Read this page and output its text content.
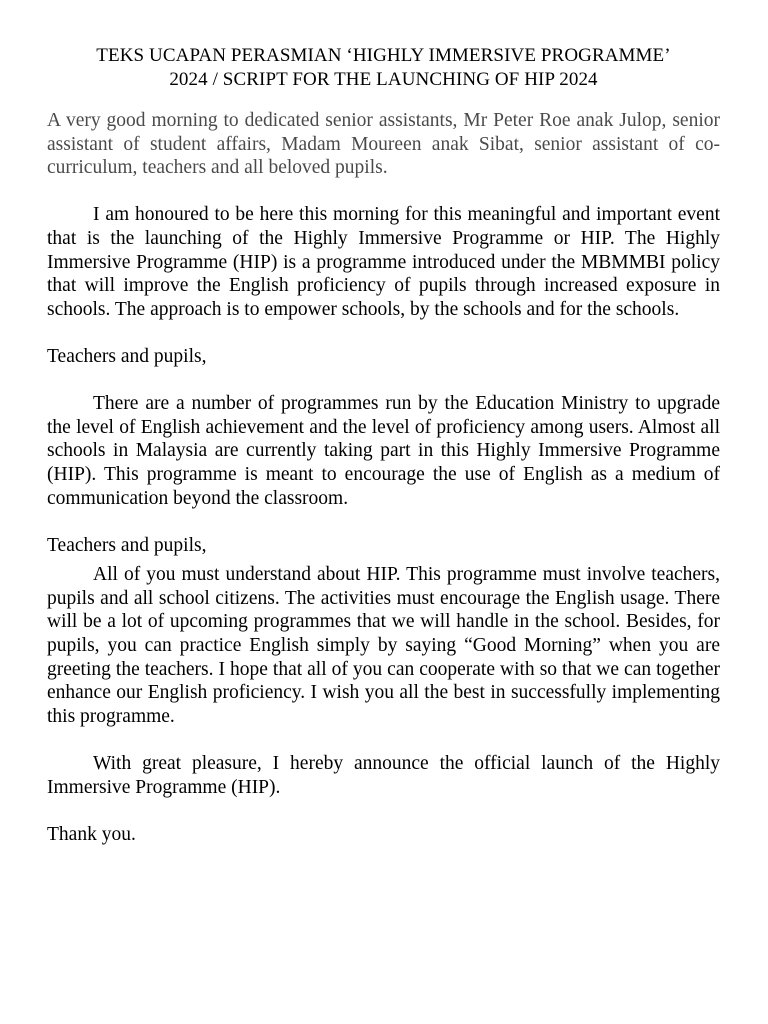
TEKS UCAPAN PERASMIAN ‘HIGHLY IMMERSIVE PROGRAMME’
2024 / SCRIPT FOR THE LAUNCHING OF HIP 2024

A very good morning to dedicated senior assistants, Mr Peter Roe anak Julop, senior assistant of student affairs, Madam Moureen anak Sibat, senior assistant of co-curriculum, teachers and all beloved pupils.

I am honoured to be here this morning for this meaningful and important event that is the launching of the Highly Immersive Programme or HIP. The Highly Immersive Programme (HIP) is a programme introduced under the MBMMBI policy that will improve the English proficiency of pupils through increased exposure in schools. The approach is to empower schools, by the schools and for the schools.

Teachers and pupils,

There are a number of programmes run by the Education Ministry to upgrade the level of English achievement and the level of proficiency among users. Almost all schools in Malaysia are currently taking part in this Highly Immersive Programme (HIP). This programme is meant to encourage the use of English as a medium of communication beyond the classroom.

Teachers and pupils,

All of you must understand about HIP. This programme must involve teachers, pupils and all school citizens. The activities must encourage the English usage. There will be a lot of upcoming programmes that we will handle in the school. Besides, for pupils, you can practice English simply by saying “Good Morning” when you are greeting the teachers. I hope that all of you can cooperate with so that we can together enhance our English proficiency. I wish you all the best in successfully implementing this programme.

With great pleasure, I hereby announce the official launch of the Highly Immersive Programme (HIP).

Thank you.
